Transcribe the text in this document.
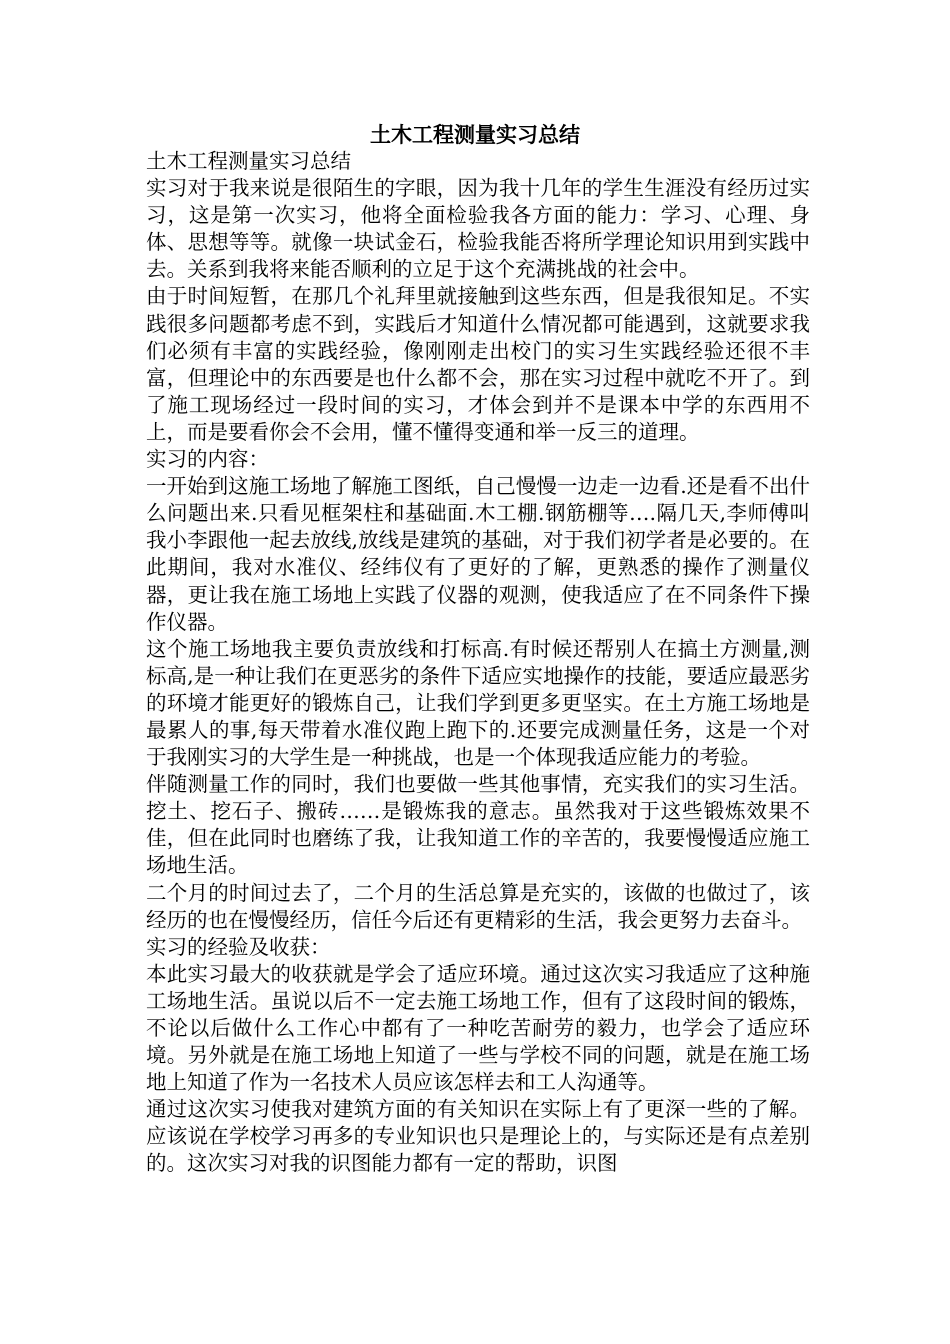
土木工程测量实习总结

土木工程测量实习总结

实习对于我来说是很陌生的字眼，因为我十几年的学生生涯没有经历过实习，这是第一次实习，他将全面检验我各方面的能力：学习、心理、身体、思想等等。就像一块试金石，检验我能否将所学理论知识用到实践中去。关系到我将来能否顺利的立足于这个充满挑战的社会中。

由于时间短暂，在那几个礼拜里就接触到这些东西，但是我很知足。不实践很多问题都考虑不到，实践后才知道什么情况都可能遇到，这就要求我们必须有丰富的实践经验，像刚刚走出校门的实习生实践经验还很不丰富，但理论中的东西要是也什么都不会，那在实习过程中就吃不开了。到了施工现场经过一段时间的实习，才体会到并不是课本中学的东西用不上，而是要看你会不会用，懂不懂得变通和举一反三的道理。

实习的内容：

一开始到这施工场地了解施工图纸，自己慢慢一边走一边看.还是看不出什么问题出来.只看见框架柱和基础面.木工棚.钢筋棚等….隔几天,李师傅叫我小李跟他一起去放线,放线是建筑的基础，对于我们初学者是必要的。在此期间，我对水准仪、经纬仪有了更好的了解，更熟悉的操作了测量仪器，更让我在施工场地上实践了仪器的观测，使我适应了在不同条件下操作仪器。

这个施工场地我主要负责放线和打标高.有时候还帮别人在搞土方测量,测标高,是一种让我们在更恶劣的条件下适应实地操作的技能，要适应最恶劣的环境才能更好的锻炼自己，让我们学到更多更坚实。在土方施工场地是最累人的事,每天带着水准仪跑上跑下的.还要完成测量任务，这是一个对于我刚实习的大学生是一种挑战，也是一个体现我适应能力的考验。

伴随测量工作的同时，我们也要做一些其他事情，充实我们的实习生活。挖土、挖石子、搬砖……是锻炼我的意志。虽然我对于这些锻炼效果不佳，但在此同时也磨练了我，让我知道工作的辛苦的，我要慢慢适应施工场地生活。

二个月的时间过去了，二个月的生活总算是充实的，该做的也做过了，该经历的也在慢慢经历，信任今后还有更精彩的生活，我会更努力去奋斗。

实习的经验及收获：

本此实习最大的收获就是学会了适应环境。通过这次实习我适应了这种施工场地生活。虽说以后不一定去施工场地工作，但有了这段时间的锻炼，不论以后做什么工作心中都有了一种吃苦耐劳的毅力，也学会了适应环境。另外就是在施工场地上知道了一些与学校不同的问题，就是在施工场地上知道了作为一名技术人员应该怎样去和工人沟通等。

通过这次实习使我对建筑方面的有关知识在实际上有了更深一些的了解。应该说在学校学习再多的专业知识也只是理论上的，与实际还是有点差别的。这次实习对我的识图能力都有一定的帮助，识图
